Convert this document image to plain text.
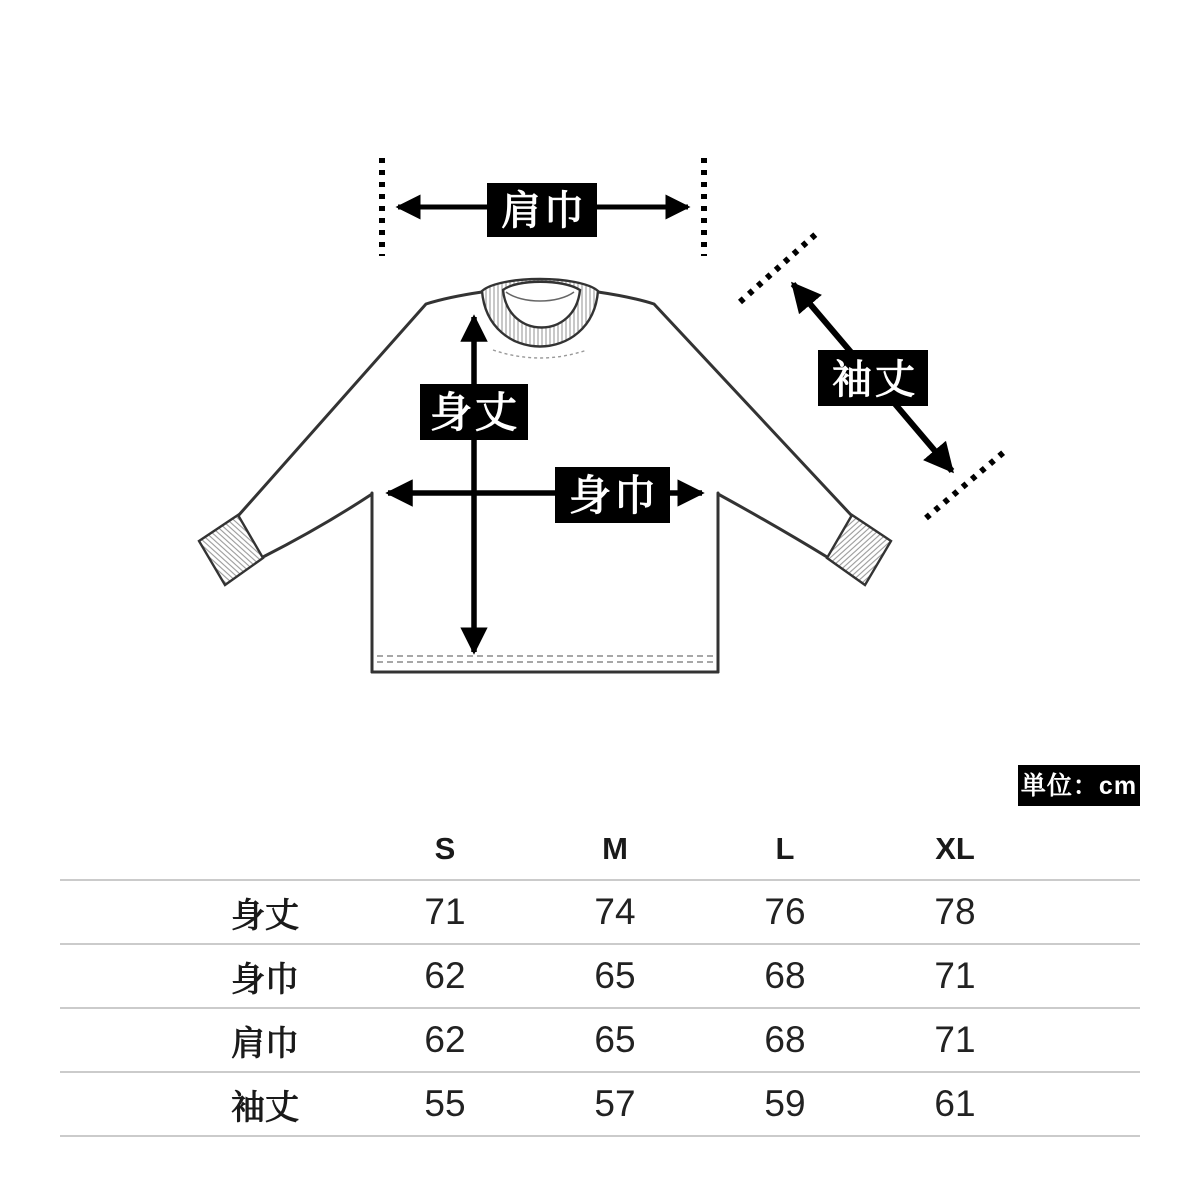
肩巾
身丈
身巾
袖丈
単位：cm
	S	M	L	XL	
身丈	71	74	76	78	
身巾	62	65	68	71	
肩巾	62	65	68	71	
袖丈	55	57	59	61	
